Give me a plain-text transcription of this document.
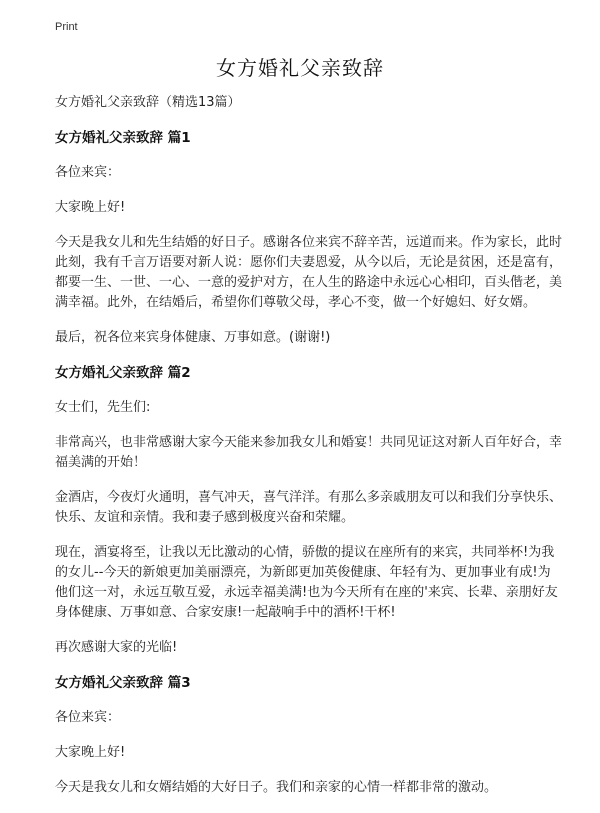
Print
女方婚礼父亲致辞

女方婚礼父亲致辞（精选13篇）

女方婚礼父亲致辞 篇1

各位来宾：

大家晚上好!

今天是我女儿和先生结婚的好日子。感谢各位来宾不辞辛苦，远道而来。作为家长，此时此刻，我有千言万语要对新人说：愿你们夫妻恩爱，从今以后，无论是贫困，还是富有，都要一生、一世、一心、一意的爱护对方，在人生的路途中永远心心相印，百头偕老，美满幸福。此外，在结婚后，希望你们尊敬父母，孝心不变，做一个好媳妇、好女婿。

最后，祝各位来宾身体健康、万事如意。(谢谢!)

女方婚礼父亲致辞 篇2

女士们，先生们:

非常高兴，也非常感谢大家今天能来参加我女儿和婚宴！共同见证这对新人百年好合，幸福美满的开始！

金酒店，今夜灯火通明，喜气冲天，喜气洋洋。有那么多亲戚朋友可以和我们分享快乐、快乐、友谊和亲情。我和妻子感到极度兴奋和荣耀。

现在，酒宴将至，让我以无比激动的心情，骄傲的提议在座所有的来宾，共同举杯!为我的女儿--今天的新娘更加美丽漂亮，为新郎更加英俊健康、年轻有为、更加事业有成!为他们这一对，永远互敬互爱，永远幸福美满!也为今天所有在座的'来宾、长辈、亲朋好友身体健康、万事如意、合家安康!一起敲响手中的酒杯!干杯!

再次感谢大家的光临!

女方婚礼父亲致辞 篇3

各位来宾：

大家晚上好!

今天是我女儿和女婿结婚的大好日子。我们和亲家的心情一样都非常的激动。
